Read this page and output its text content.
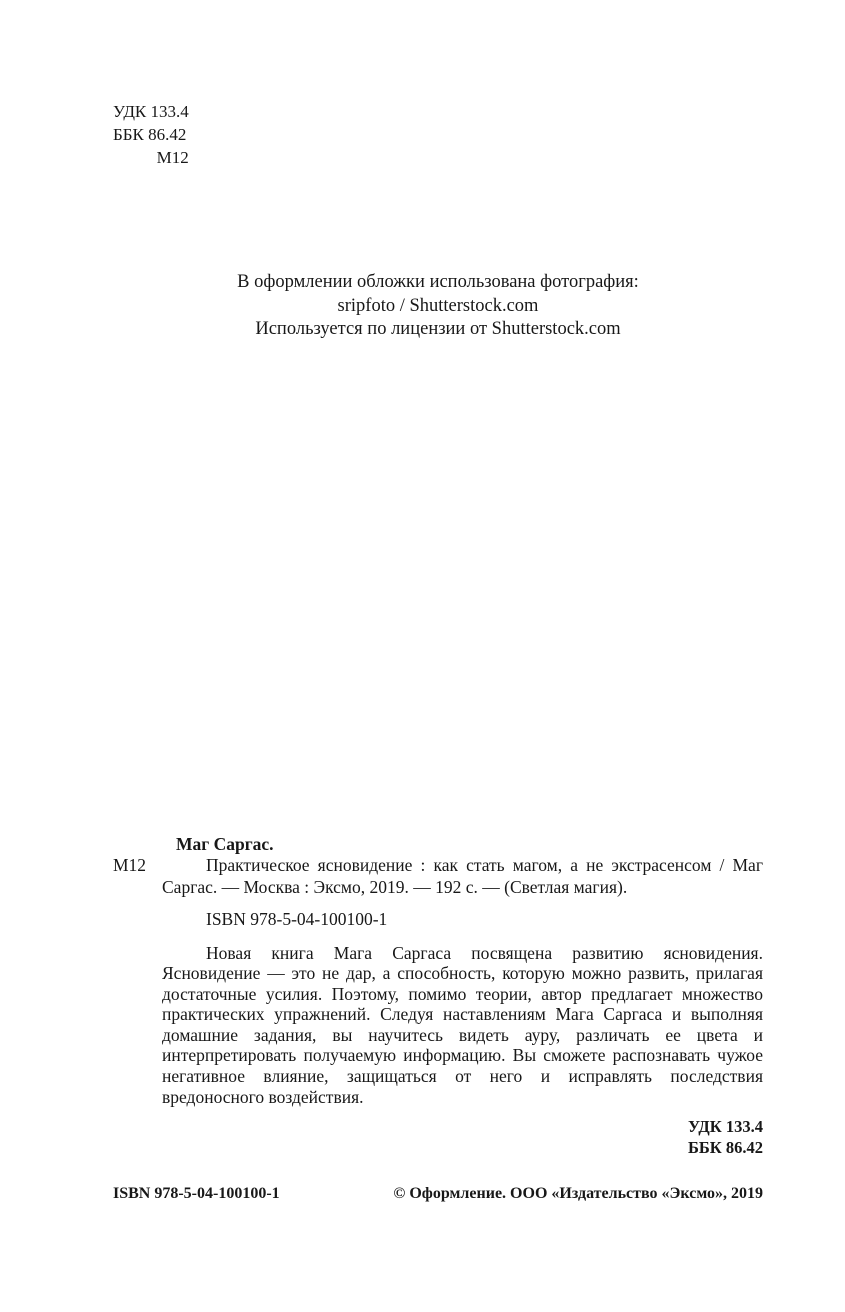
УДК 133.4
ББК 86.42
М12
В оформлении обложки использована фотография:
sripfoto / Shutterstock.com
Используется по лицензии от Shutterstock.com
Маг Саргас.
М12	Практическое ясновидение : как стать магом, а не экстрасенсом / Маг Саргас. — Москва : Эксмо, 2019. — 192 с. — (Светлая магия).

ISBN 978-5-04-100100-1

Новая книга Мага Саргаса посвящена развитию ясновидения. Ясновидение — это не дар, а способность, которую можно развить, прилагая достаточные усилия. Поэтому, помимо теории, автор предлагает множество практических упражнений. Следуя наставлениям Мага Саргаса и выполняя домашние задания, вы научитесь видеть ауру, различать ее цвета и интерпретировать получаемую информацию. Вы сможете распознавать чужое негативное влияние, защищаться от него и исправлять последствия вредоносного воздействия.

УДК 133.4
ББК 86.42
ISBN 978-5-04-100100-1	© Оформление. ООО «Издательство «Эксмо», 2019
